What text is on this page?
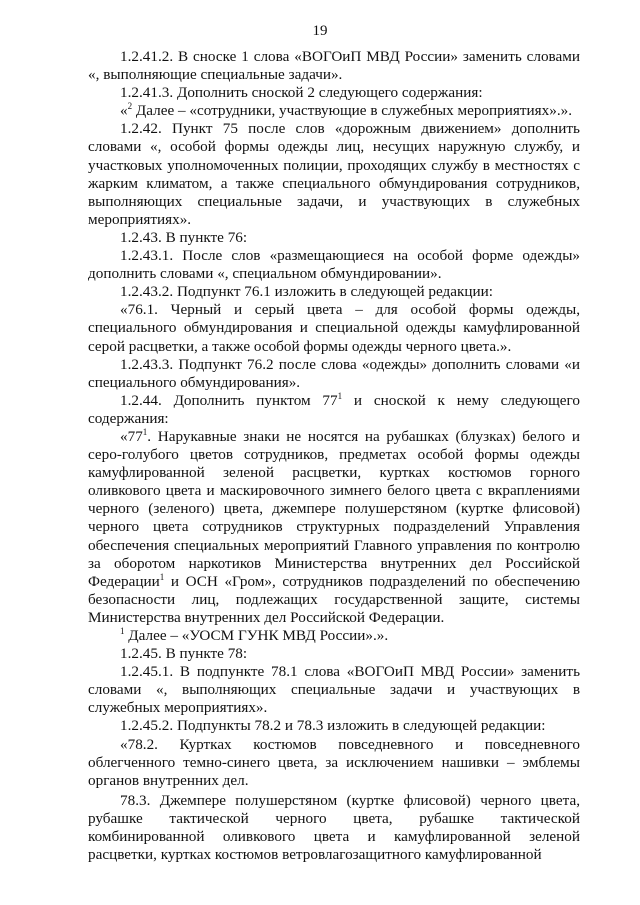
19

1.2.41.2. В сноске 1 слова «ВОГОиП МВД России» заменить словами «, выполняющие специальные задачи».

1.2.41.3. Дополнить сноской 2 следующего содержания:

«$^2$ Далее – «сотрудники, участвующие в служебных мероприятиях».».

1.2.42. Пункт 75 после слов «дорожным движением» дополнить словами «, особой формы одежды лиц, несущих наружную службу, и участковых уполномоченных полиции, проходящих службу в местностях с жарким климатом, а также специального обмундирования сотрудников, выполняющих специальные задачи, и участвующих в служебных мероприятиях».

1.2.43. В пункте 76:

1.2.43.1. После слов «размещающиеся на особой форме одежды» дополнить словами «, специальном обмундировании».

1.2.43.2. Подпункт 76.1 изложить в следующей редакции:

«76.1. Черный и серый цвета – для особой формы одежды, специального обмундирования и специальной одежды камуфлированной серой расцветки, а также особой формы одежды черного цвета.».

1.2.43.3. Подпункт 76.2 после слова «одежды» дополнить словами «и специального обмундирования».

1.2.44. Дополнить пунктом $77^1$ и сноской к нему следующего содержания:

«$77^1$. Нарукавные знаки не носятся на рубашках (блузках) белого и серо-голубого цветов сотрудников, предметах особой формы одежды камуфлированной зеленой расцветки, куртках костюмов горного оливкового цвета и маскировочного зимнего белого цвета с вкраплениями черного (зеленого) цвета, джемпере полушерстяном (куртке флисовой) черного цвета сотрудников структурных подразделений Управления обеспечения специальных мероприятий Главного управления по контролю за оборотом наркотиков Министерства внутренних дел Российской Федерации$^1$ и ОСН «Гром», сотрудников подразделений по обеспечению безопасности лиц, подлежащих государственной защите, системы Министерства внутренних дел Российской Федерации.

$^1$ Далее – «УОСМ ГУНК МВД России».».

1.2.45. В пункте 78:

1.2.45.1. В подпункте 78.1 слова «ВОГОиП МВД России» заменить словами «, выполняющих специальные задачи и участвующих в служебных мероприятиях».

1.2.45.2. Подпункты 78.2 и 78.3 изложить в следующей редакции:

«78.2. Куртках костюмов повседневного и повседневного облегченного темно-синего цвета, за исключением нашивки – эмблемы органов внутренних дел.

78.3. Джемпере полушерстяном (куртке флисовой) черного цвета, рубашке тактической черного цвета, рубашке тактической комбинированной оливкового цвета и камуфлированной зеленой расцветки, куртках костюмов ветровлагозащитного камуфлированной
